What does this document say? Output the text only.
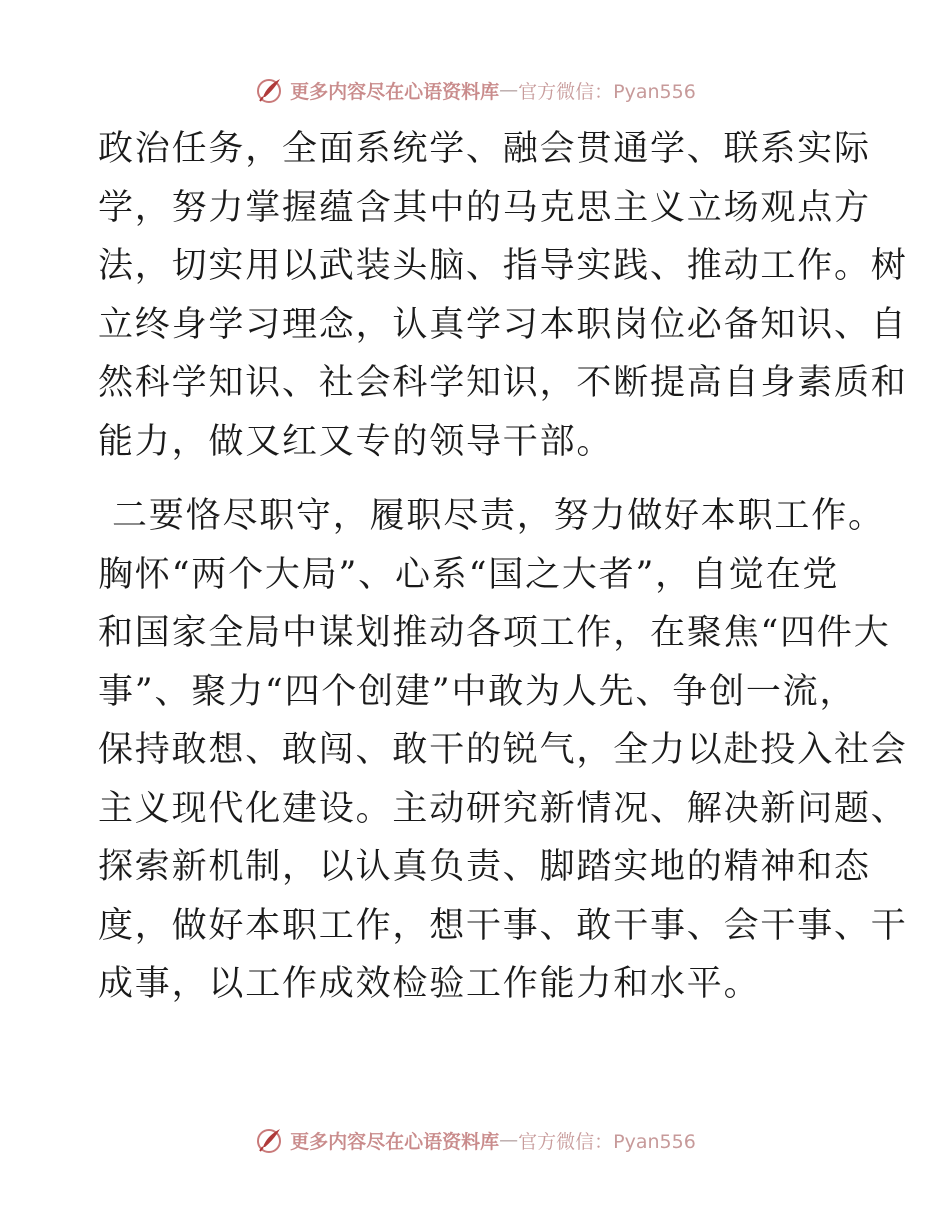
更多内容尽在心语资料库 — 官方微信：Pyan556

政治任务，全面系统学、融会贯通学、联系实际

学，努力掌握蕴含其中的马克思主义立场观点方

法，切实用以武装头脑、指导实践、推动工作。树

立终身学习理念，认真学习本职岗位必备知识、自

然科学知识、社会科学知识，不断提高自身素质和

能力，做又红又专的领导干部。

二要恪尽职守，履职尽责，努力做好本职工作。

胸怀“两个大局”、心系“国之大者”，自觉在党

和国家全局中谋划推动各项工作，在聚焦“四件大

事”、聚力“四个创建”中敢为人先、争创一流，

保持敢想、敢闯、敢干的锐气，全力以赴投入社会

主义现代化建设。主动研究新情况、解决新问题、

探索新机制，以认真负责、脚踏实地的精神和态

度，做好本职工作，想干事、敢干事、会干事、干

成事，以工作成效检验工作能力和水平。

更多内容尽在心语资料库 — 官方微信：Pyan556
